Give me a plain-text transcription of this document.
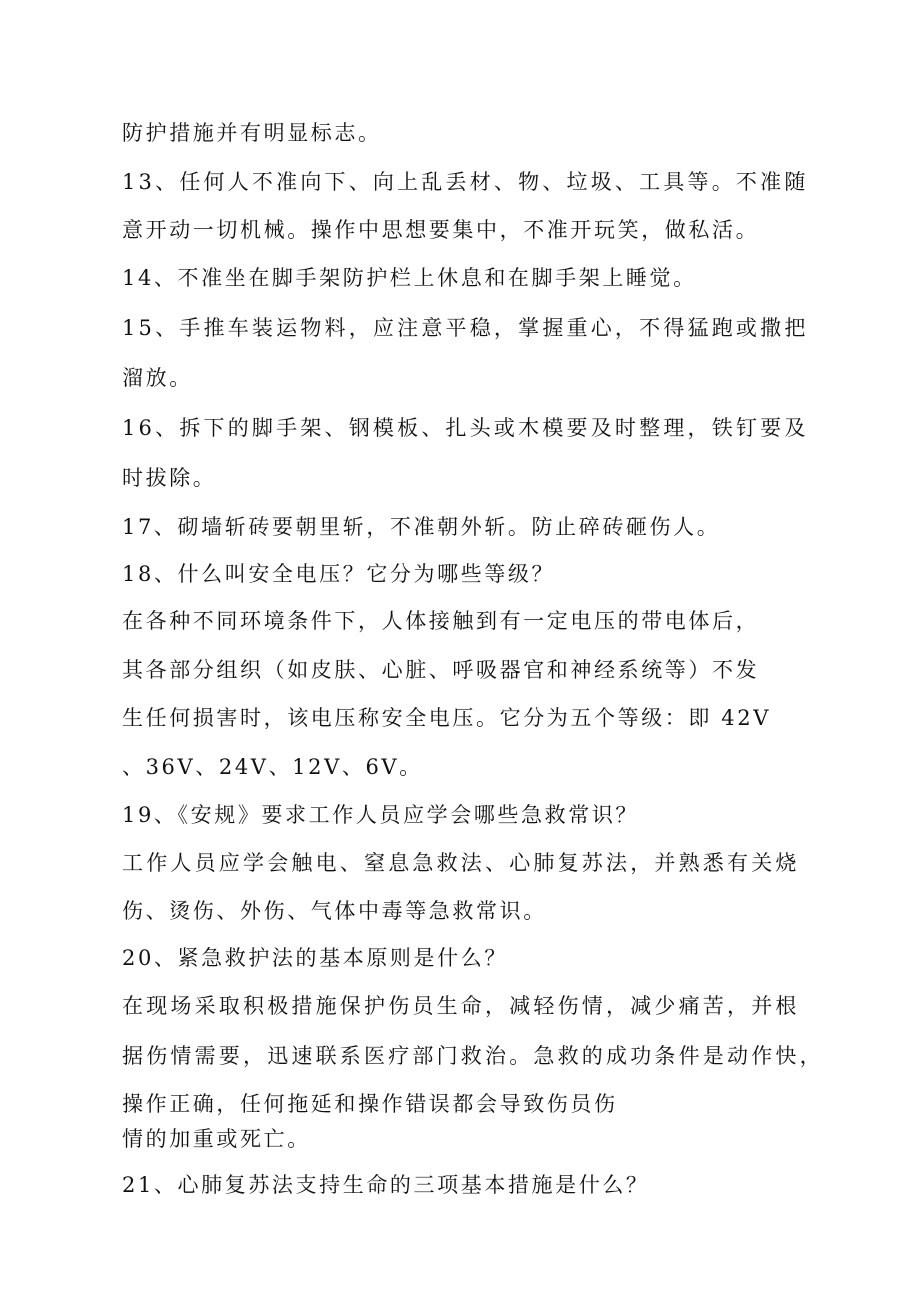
防护措施并有明显标志。

13、任何人不准向下、向上乱丢材、物、垃圾、工具等。不准随

意开动一切机械。操作中思想要集中，不准开玩笑，做私活。

14、不准坐在脚手架防护栏上休息和在脚手架上睡觉。

15、手推车装运物料，应注意平稳，掌握重心，不得猛跑或撒把

溜放。

16、拆下的脚手架、钢模板、扎头或木模要及时整理，铁钉要及

时拔除。

17、砌墙斩砖要朝里斩，不准朝外斩。防止碎砖砸伤人。

18、什么叫安全电压？它分为哪些等级？

在各种不同环境条件下，人体接触到有一定电压的带电体后，

其各部分组织（如皮肤、心脏、呼吸器官和神经系统等）不发

生任何损害时，该电压称安全电压。它分为五个等级：即 42V

、36V、24V、12V、6V。

19、《安规》要求工作人员应学会哪些急救常识？

工作人员应学会触电、窒息急救法、心肺复苏法，并熟悉有关烧

伤、烫伤、外伤、气体中毒等急救常识。

20、紧急救护法的基本原则是什么？

在现场采取积极措施保护伤员生命，减轻伤情，减少痛苦，并根

据伤情需要，迅速联系医疗部门救治。急救的成功条件是动作快，

操作正确，任何拖延和操作错误都会导致伤员伤

情的加重或死亡。

21、心肺复苏法支持生命的三项基本措施是什么？
